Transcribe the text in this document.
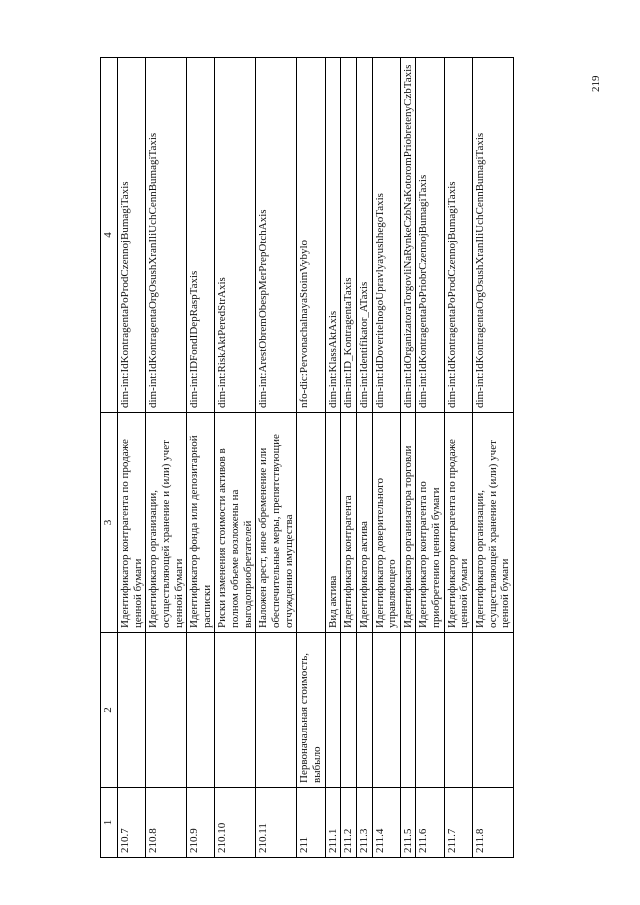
219
1	2	3	4
210.7		Идентификатор контрагента по продаже ценной бумаги	dim-int:IdKontragentaPoProdCzennojBumagiTaxis
210.8		Идентификатор организации, осуществляющей хранение и (или) учет ценной бумаги	dim-int:IdKontragentaOrgOsushXranIliUchCennBumagiTaxis
210.9		Идентификатор фонда или депозитарной расписки	dim-int:IDFondIDepRaspTaxis
210.10		Риски изменения стоимости активов в полном объеме возложены на выгодоприобретателей	dim-int:RiskAktPeredStrAxis
210.11		Наложен арест, иное обременение или обеспечительные меры, препятствующие отчуждению имущества	dim-int:ArestObremObespMerPrepOtchAxis
211	Первоначальная стоимость, выбыло		nfo-dic:PervonachalnayaStoimVybylo
211.1		Вид актива	dim-int:KlassAktAxis
211.2		Идентификатор контрагента	dim-int:ID_KontragentaTaxis
211.3		Идентификатор актива	dim-int:Identifikator_ATaxis
211.4		Идентификатор доверительного управляющего	dim-int:IdDoveritelnogoUpravlyayushhegoTaxis
211.5		Идентификатор организатора торговли	dim-int:IdOrganizatoraTorgovliNaRynkeCzbNaKotoromPriobretenyCzbTaxis
211.6		Идентификатор контрагента по приобретению ценной бумаги	dim-int:IdKontragentaPoPriobrCzennojBumagiTaxis
211.7		Идентификатор контрагента по продаже ценной бумаги	dim-int:IdKontragentaPoProdCzennojBumagiTaxis
211.8		Идентификатор организации, осуществляющей хранение и (или) учет ценной бумаги	dim-int:IdKontragentaOrgOsushXranIliUchCennBumagiTaxis
